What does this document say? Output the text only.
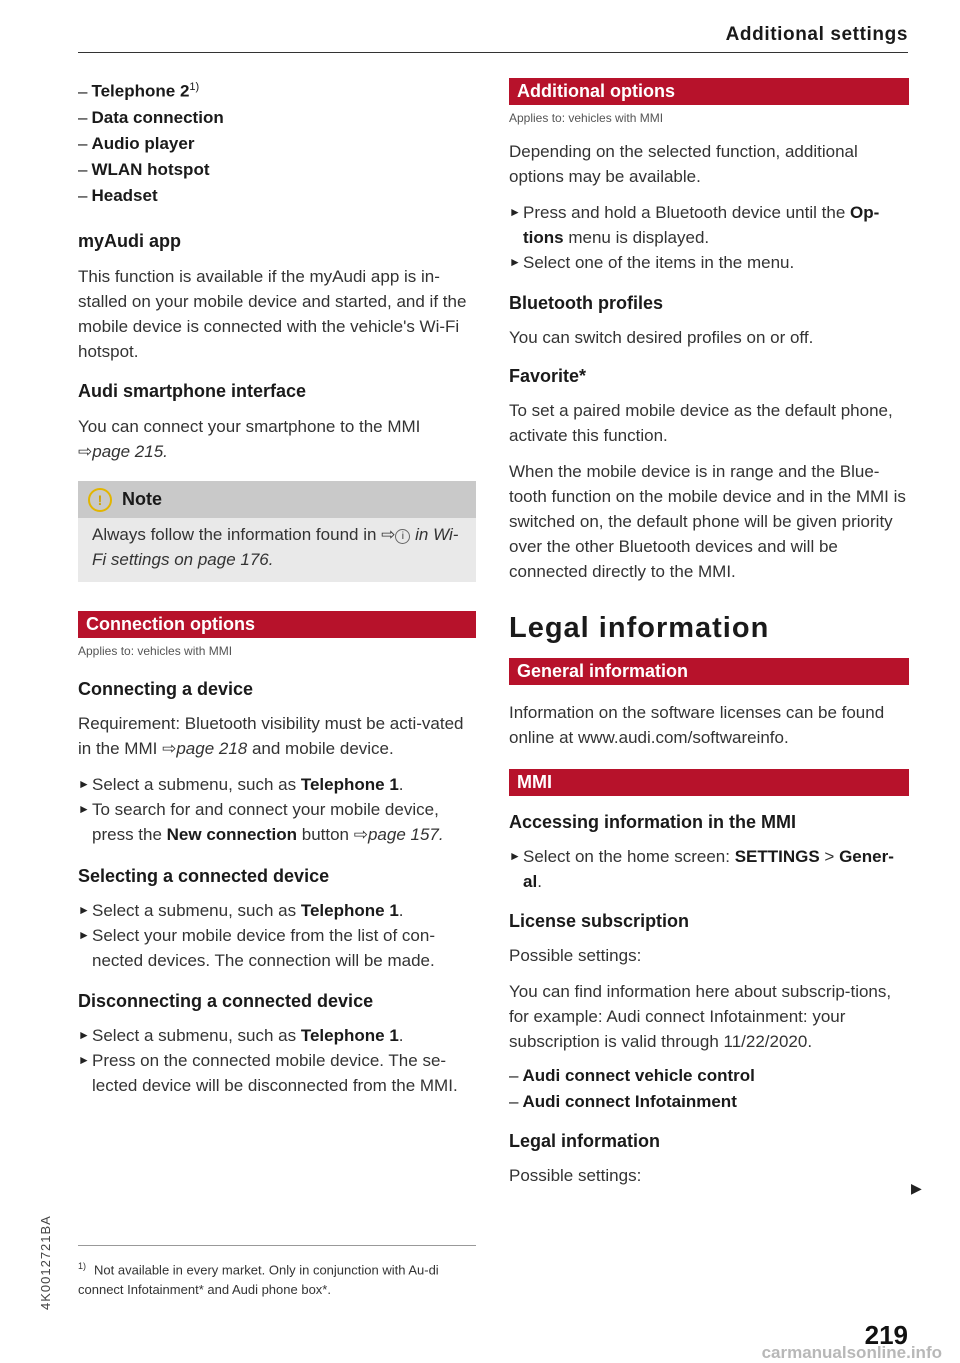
Additional settings
– Telephone 2$^{1)}$
– Data connection
– Audio player
– WLAN hotspot
– Headset
myAudi app

This function is available if the myAudi app is in-stalled on your mobile device and started, and if the mobile device is connected with the vehicle's Wi-Fi hotspot.

Audi smartphone interface

You can connect your smartphone to the MMI
⇨page 215.

! Note
Always follow the information found in ⇨ i in Wi-Fi settings on page 176.
Connection options
Applies to: vehicles with MMI
Connecting a device

Requirement: Bluetooth visibility must be acti-vated in the MMI ⇨page 218 and mobile device.

► Select a submenu, such as Telephone 1.
► To search for and connect your mobile device, press the New connection button ⇨page 157.
Selecting a connected device
► Select a submenu, such as Telephone 1.
► Select your mobile device from the list of con-nected devices. The connection will be made.
Disconnecting a connected device
► Select a submenu, such as Telephone 1.
► Press on the connected mobile device. The se-lected device will be disconnected from the MMI.
$^{1)}$ Not available in every market. Only in conjunction with Au-di connect Infotainment* and Audi phone box*.
4K0012721BA
Additional options
Applies to: vehicles with MMI

Depending on the selected function, additional options may be available.

► Press and hold a Bluetooth device until the Op-tions menu is displayed.
► Select one of the items in the menu.
Bluetooth profiles

You can switch desired profiles on or off.

Favorite*

To set a paired mobile device as the default phone, activate this function.

When the mobile device is in range and the Blue-tooth function on the mobile device and in the MMI is switched on, the default phone will be given priority over the other Bluetooth devices and will be connected directly to the MMI.

Legal information
General information

Information on the software licenses can be found online at www.audi.com/softwareinfo.

MMI
Accessing information in the MMI
► Select on the home screen: SETTINGS > Gener-al.
License subscription

Possible settings:

You can find information here about subscrip-tions, for example: Audi connect Infotainment: your subscription is valid through 11/22/2020.

– Audi connect vehicle control
– Audi connect Infotainment
Legal information

Possible settings:

▶
219
carmanualsonline.info
